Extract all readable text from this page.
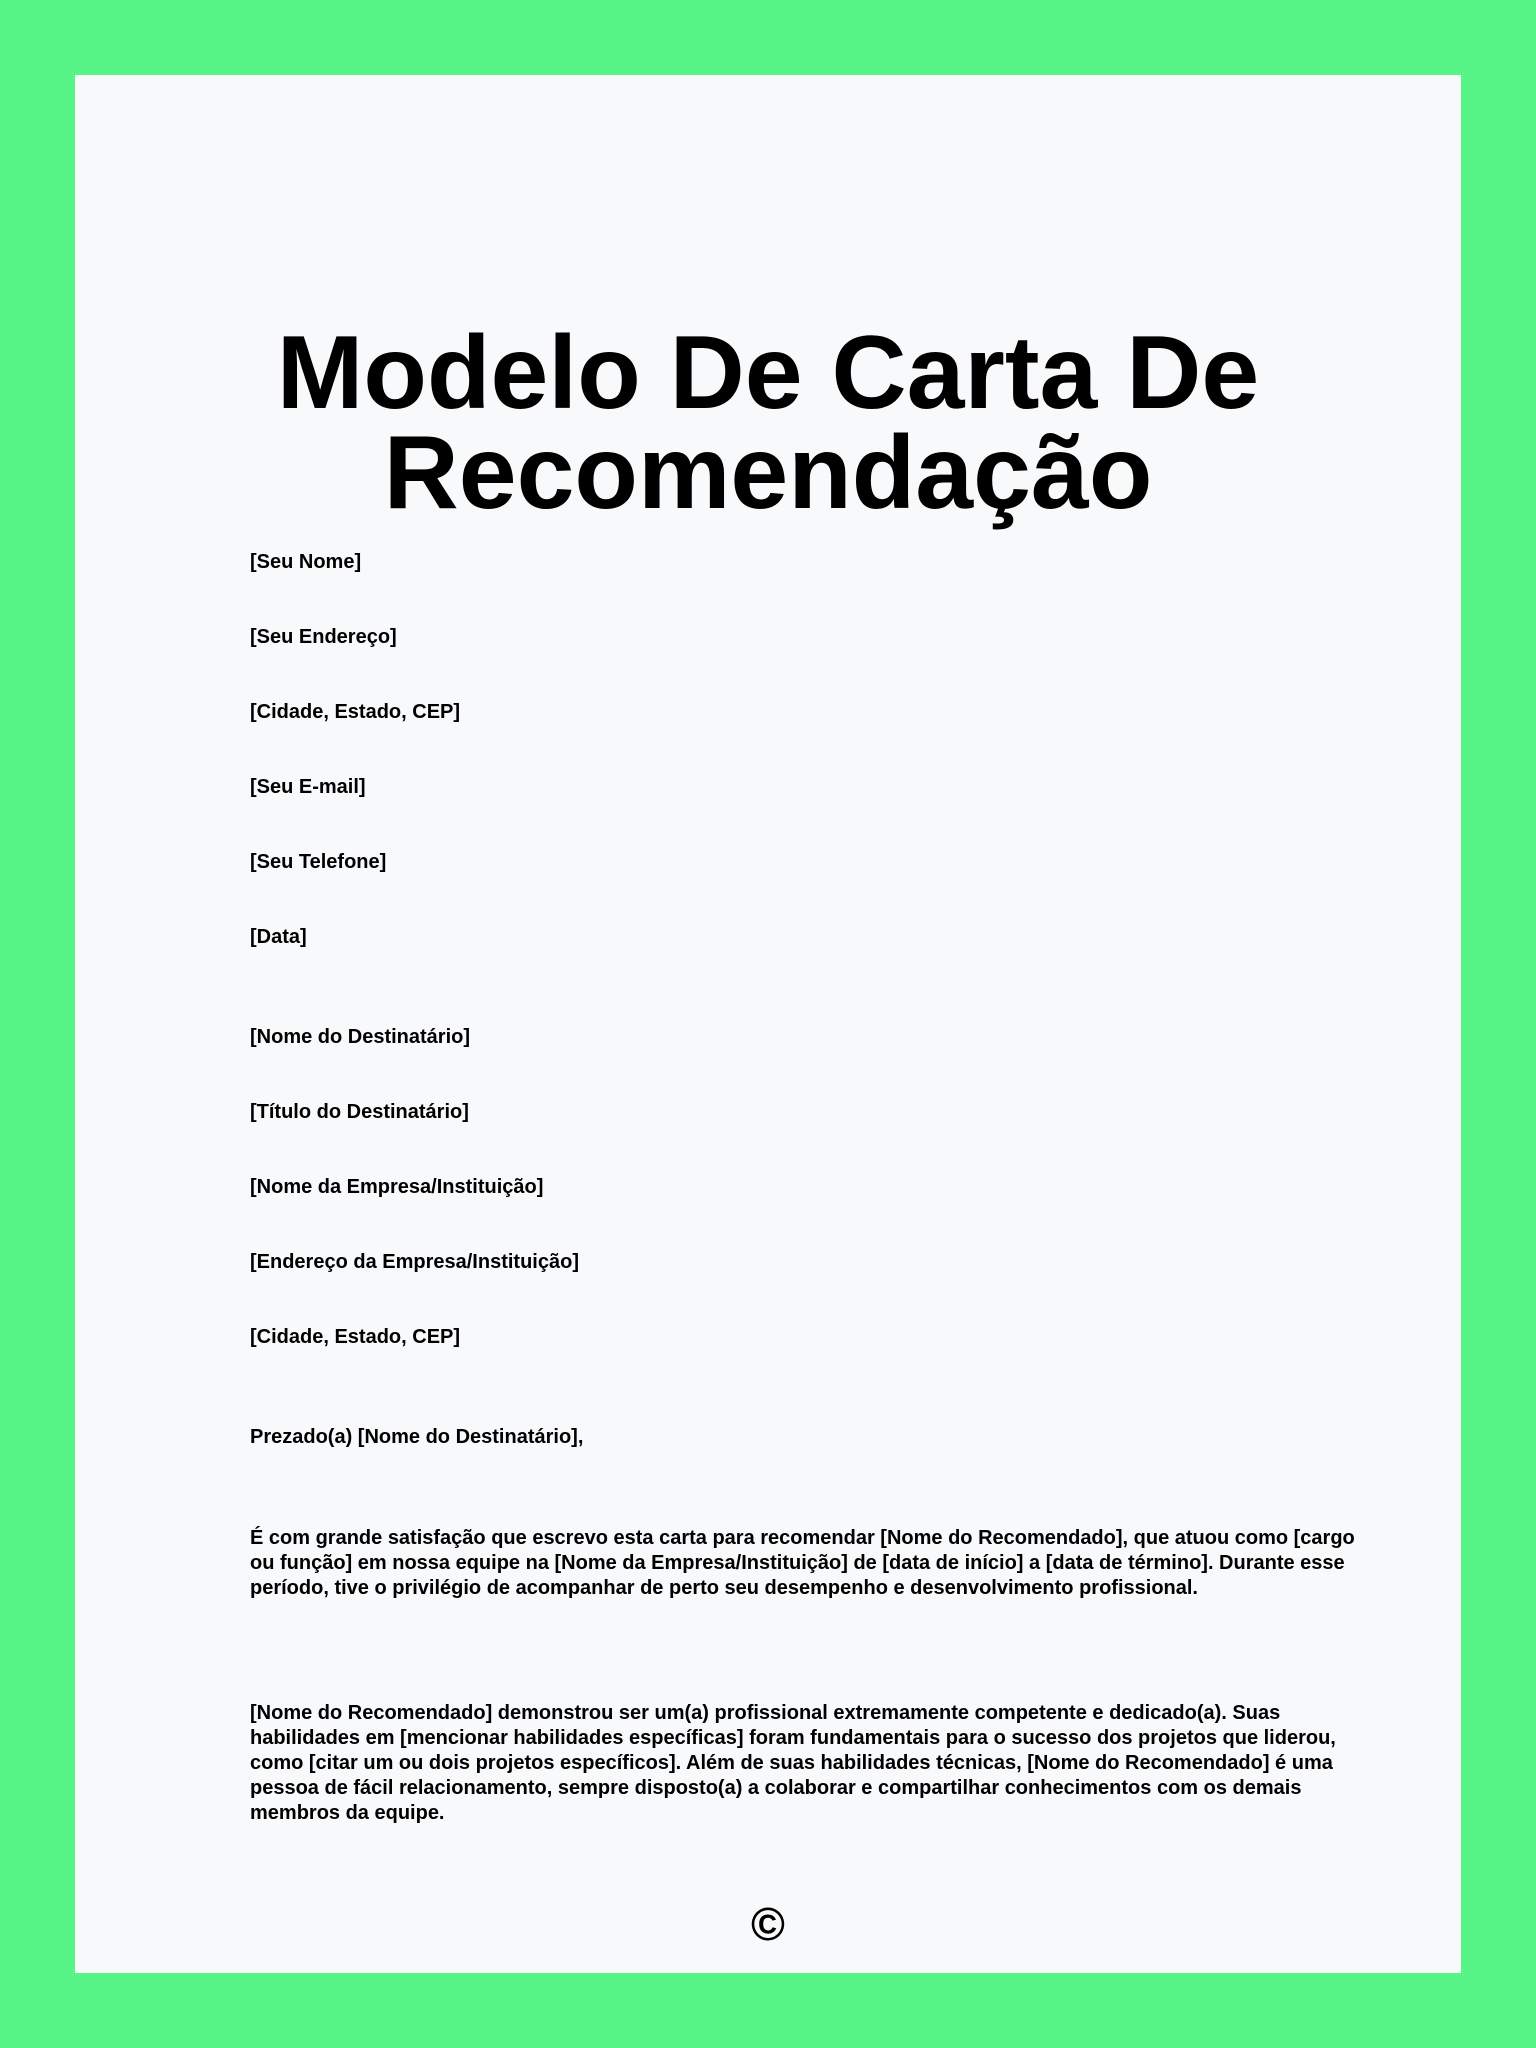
Modelo De Carta De
Recomendação

[Seu Nome]

[Seu Endereço]

[Cidade, Estado, CEP]

[Seu E-mail]

[Seu Telefone]

[Data]

[Nome do Destinatário]

[Título do Destinatário]

[Nome da Empresa/Instituição]

[Endereço da Empresa/Instituição]

[Cidade, Estado, CEP]

Prezado(a) [Nome do Destinatário],

É com grande satisfação que escrevo esta carta para recomendar [Nome do Recomendado], que atuou como [cargo ou função] em nossa equipe na [Nome da Empresa/Instituição] de [data de início] a [data de término]. Durante esse período, tive o privilégio de acompanhar de perto seu desempenho e desenvolvimento profissional.

[Nome do Recomendado] demonstrou ser um(a) profissional extremamente competente e dedicado(a). Suas habilidades em [mencionar habilidades específicas] foram fundamentais para o sucesso dos projetos que liderou, como [citar um ou dois projetos específicos]. Além de suas habilidades técnicas, [Nome do Recomendado] é uma pessoa de fácil relacionamento, sempre disposto(a) a colaborar e compartilhar conhecimentos com os demais membros da equipe.

©
